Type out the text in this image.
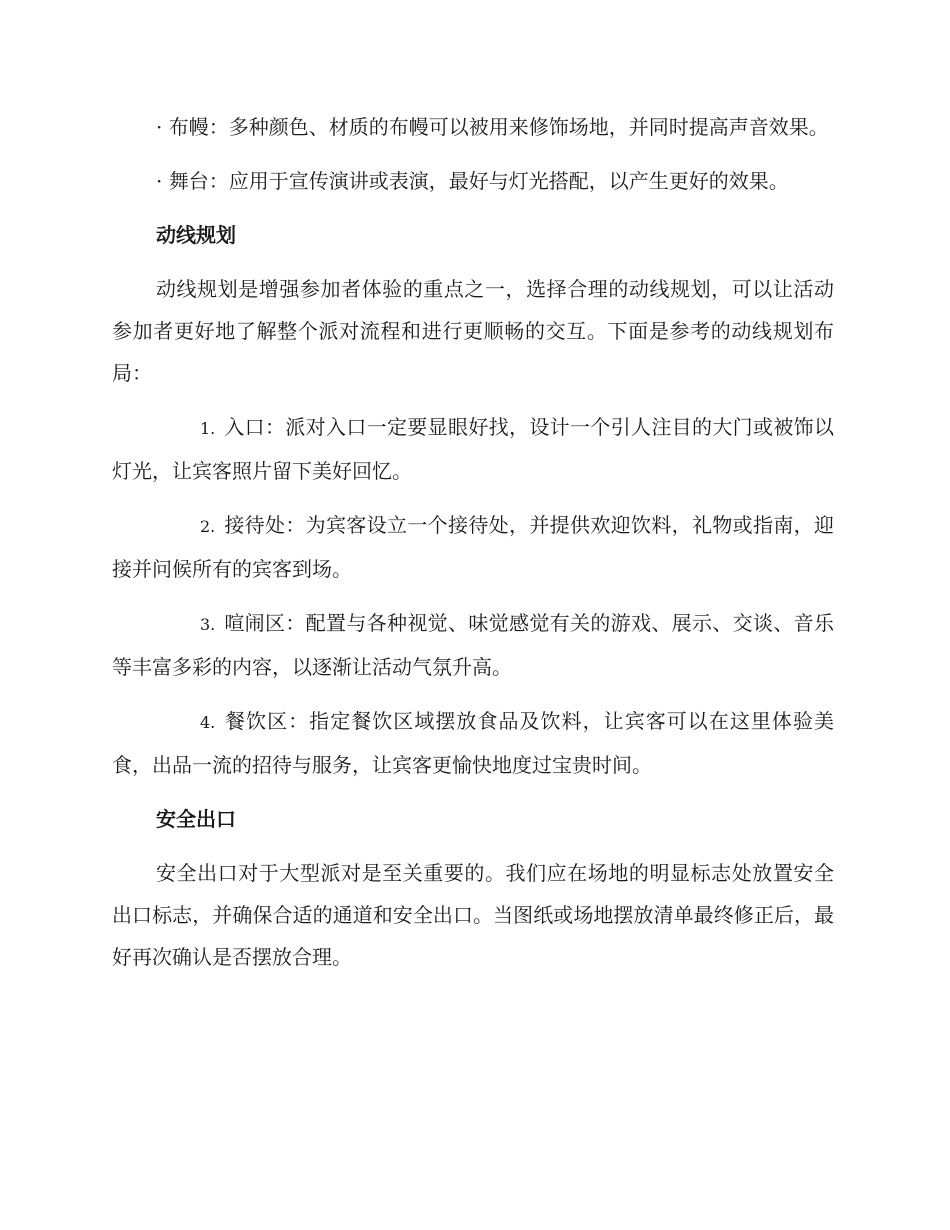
· 布幔：多种颜色、材质的布幔可以被用来修饰场地，并同时提高声音效果。

· 舞台：应用于宣传演讲或表演，最好与灯光搭配，以产生更好的效果。

动线规划

动线规划是增强参加者体验的重点之一，选择合理的动线规划，可以让活动参加者更好地了解整个派对流程和进行更顺畅的交互。下面是参考的动线规划布局：

1. 入口：派对入口一定要显眼好找，设计一个引人注目的大门或被饰以灯光，让宾客照片留下美好回忆。

2. 接待处：为宾客设立一个接待处，并提供欢迎饮料，礼物或指南，迎接并问候所有的宾客到场。

3. 喧闹区：配置与各种视觉、味觉感觉有关的游戏、展示、交谈、音乐等丰富多彩的内容，以逐渐让活动气氛升高。

4. 餐饮区：指定餐饮区域摆放食品及饮料，让宾客可以在这里体验美食，出品一流的招待与服务，让宾客更愉快地度过宝贵时间。

安全出口

安全出口对于大型派对是至关重要的。我们应在场地的明显标志处放置安全出口标志，并确保合适的通道和安全出口。当图纸或场地摆放清单最终修正后，最好再次确认是否摆放合理。
